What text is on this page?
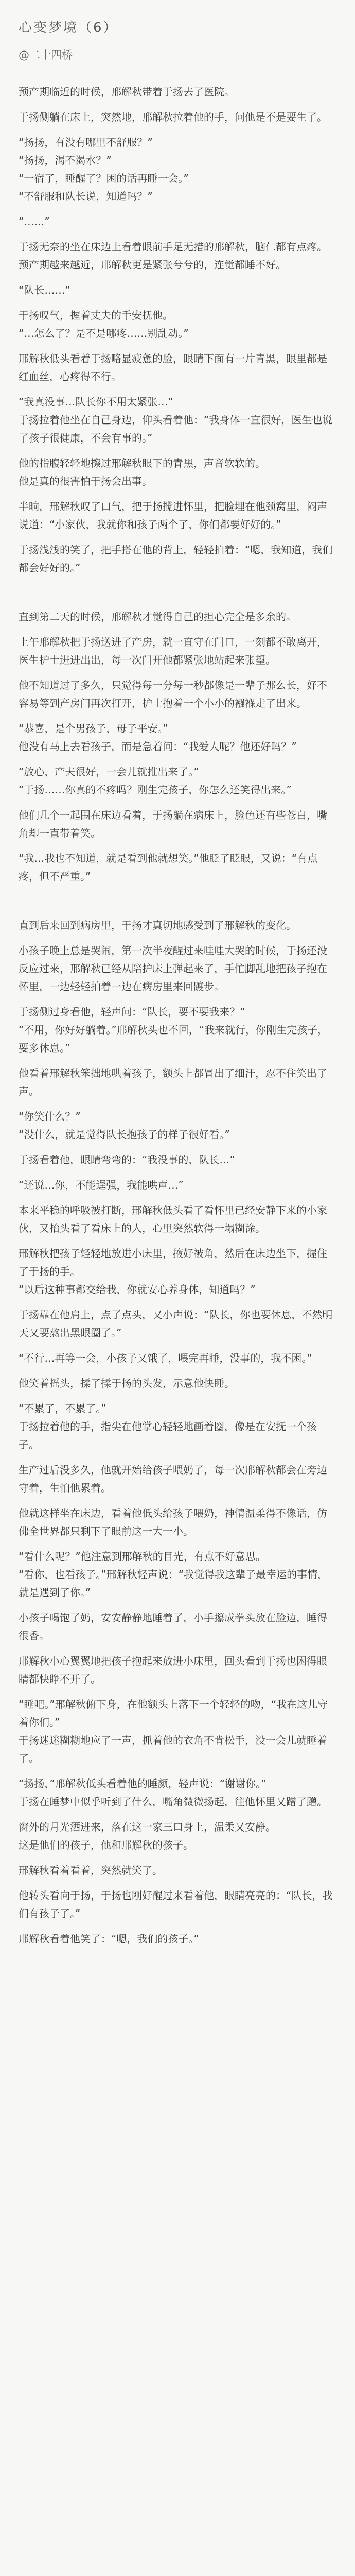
心变梦境（6）
@二十四桥

预产期临近的时候，邢解秋带着于扬去了医院。

于扬侧躺在床上，突然地，邢解秋拉着他的手，问他是不是要生了。

“扬扬，有没有哪里不舒服？”

“扬扬，渴不渴水？”

“一宿了，睡醒了？困的话再睡一会。”

“不舒服和队长说，知道吗？”

“……”

于扬无奈的坐在床边上看着眼前手足无措的邢解秋，脑仁都有点疼。

预产期越来越近，邢解秋更是紧张兮兮的，连觉都睡不好。

“队长……”

于扬叹气，握着丈夫的手安抚他。

“…怎么了？是不是哪疼……别乱动。”

邢解秋低头看着于扬略显疲惫的脸，眼睛下面有一片青黑，眼里都是红血丝，心疼得不行。

“我真没事…队长你不用太紧张…”

于扬拉着他坐在自己身边，仰头看着他：“我身体一直很好，医生也说了孩子很健康，不会有事的。”

他的指腹轻轻地擦过邢解秋眼下的青黑，声音软软的。

他是真的很害怕于扬会出事。

半晌，邢解秋叹了口气，把于扬揽进怀里，把脸埋在他颈窝里，闷声说道：“小家伙，我就你和孩子两个了，你们都要好好的。”

于扬浅浅的笑了，把手搭在他的背上，轻轻拍着：“嗯，我知道，我们都会好好的。”

直到第二天的时候，邢解秋才觉得自己的担心完全是多余的。

上午邢解秋把于扬送进了产房，就一直守在门口，一刻都不敢离开，医生护士进进出出，每一次门开他都紧张地站起来张望。

他不知道过了多久，只觉得每一分每一秒都像是一辈子那么长，好不容易等到产房门再次打开，护士抱着一个小小的襁褓走了出来。

“恭喜，是个男孩子，母子平安。”

他没有马上去看孩子，而是急着问：“我爱人呢？他还好吗？”

“放心，产夫很好，一会儿就推出来了。”

“于扬……你真的不疼吗？刚生完孩子，你怎么还笑得出来。”

他们几个一起围在床边看着，于扬躺在病床上，脸色还有些苍白，嘴角却一直带着笑。

“我…我也不知道，就是看到他就想笑。”他眨了眨眼，又说：“有点疼，但不严重。”

直到后来回到病房里，于扬才真切地感受到了邢解秋的变化。

小孩子晚上总是哭闹，第一次半夜醒过来哇哇大哭的时候，于扬还没反应过来，邢解秋已经从陪护床上弹起来了，手忙脚乱地把孩子抱在怀里，一边轻轻拍着一边在病房里来回踱步。

于扬侧过身看他，轻声问：“队长，要不要我来？”

“不用，你好好躺着。”邢解秋头也不回，“我来就行，你刚生完孩子，要多休息。”

他看着邢解秋笨拙地哄着孩子，额头上都冒出了细汗，忍不住笑出了声。

“你笑什么？”

“没什么，就是觉得队长抱孩子的样子很好看。”

于扬看着他，眼睛弯弯的：“我没事的，队长…”

“还说…你，不能逞强，我能哄声…”

本来平稳的呼吸被打断，邢解秋低头看了看怀里已经安静下来的小家伙，又抬头看了看床上的人，心里突然软得一塌糊涂。

邢解秋把孩子轻轻地放进小床里，掖好被角，然后在床边坐下，握住了于扬的手。

“以后这种事都交给我，你就安心养身体，知道吗？”

于扬靠在他肩上，点了点头，又小声说：“队长，你也要休息，不然明天又要熬出黑眼圈了。”

“不行…再等一会，小孩子又饿了，喂完再睡，没事的，我不困。”

他笑着摇头，揉了揉于扬的头发，示意他快睡。

“不累了，不累了。”

于扬拉着他的手，指尖在他掌心轻轻地画着圈，像是在安抚一个孩子。

生产过后没多久，他就开始给孩子喂奶了，每一次邢解秋都会在旁边守着，生怕他累着。

他就这样坐在床边，看着他低头给孩子喂奶，神情温柔得不像话，仿佛全世界都只剩下了眼前这一大一小。

“看什么呢？”他注意到邢解秋的目光，有点不好意思。

“看你，也看孩子。”邢解秋轻声说：“我觉得我这辈子最幸运的事情，就是遇到了你。”

小孩子喝饱了奶，安安静静地睡着了，小手攥成拳头放在脸边，睡得很香。

邢解秋小心翼翼地把孩子抱起来放进小床里，回头看到于扬也困得眼睛都快睁不开了。

“睡吧。”邢解秋俯下身，在他额头上落下一个轻轻的吻，“我在这儿守着你们。”

于扬迷迷糊糊地应了一声，抓着他的衣角不肯松手，没一会儿就睡着了。

“扬扬，”邢解秋低头看着他的睡颜，轻声说：“谢谢你。”

于扬在睡梦中似乎听到了什么，嘴角微微扬起，往他怀里又蹭了蹭。

窗外的月光洒进来，落在这一家三口身上，温柔又安静。

这是他们的孩子，他和邢解秋的孩子。

邢解秋看着看着，突然就笑了。

他转头看向于扬，于扬也刚好醒过来看着他，眼睛亮亮的：“队长，我们有孩子了。”

邢解秋看着他笑了：“嗯，我们的孩子。”
